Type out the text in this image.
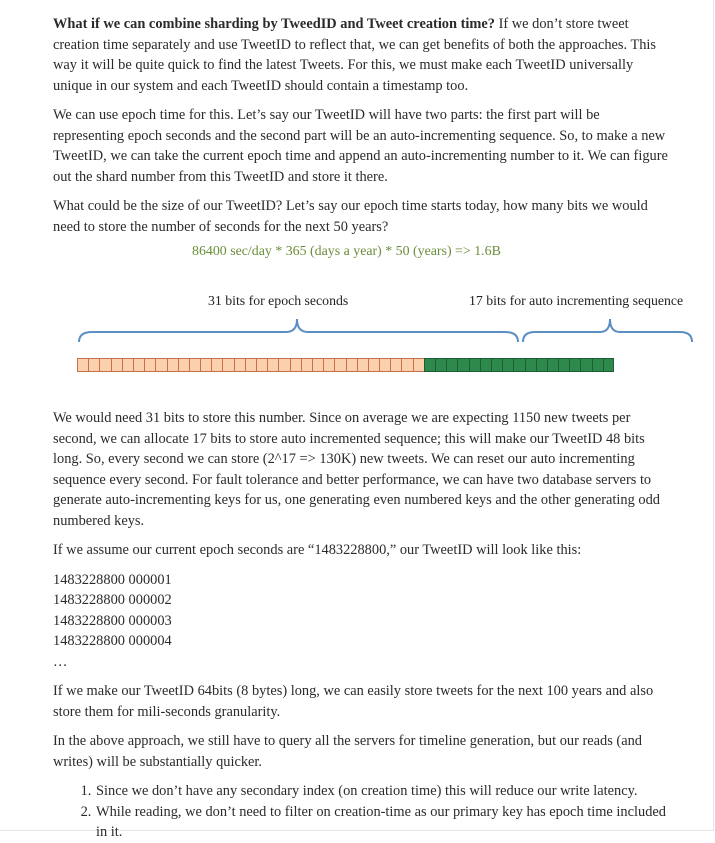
What if we can combine sharding by TweedID and Tweet creation time? If we don’t store tweet creation time separately and use TweetID to reflect that, we can get benefits of both the approaches. This way it will be quite quick to find the latest Tweets. For this, we must make each TweetID universally unique in our system and each TweetID should contain a timestamp too.

We can use epoch time for this. Let’s say our TweetID will have two parts: the first part will be representing epoch seconds and the second part will be an auto-incrementing sequence. So, to make a new TweetID, we can take the current epoch time and append an auto-incrementing number to it. We can figure out the shard number from this TweetID and store it there.

What could be the size of our TweetID? Let’s say our epoch time starts today, how many bits we would need to store the number of seconds for the next 50 years?

86400 sec/day * 365 (days a year) * 50 (years) => 1.6B
31 bits for epoch seconds	17 bits for auto incrementing sequence

We would need 31 bits to store this number. Since on average we are expecting 1150 new tweets per second, we can allocate 17 bits to store auto incremented sequence; this will make our TweetID 48 bits long. So, every second we can store (2^17 => 130K) new tweets. We can reset our auto incrementing sequence every second. For fault tolerance and better performance, we can have two database servers to generate auto-incrementing keys for us, one generating even numbered keys and the other generating odd numbered keys.

If we assume our current epoch seconds are “1483228800,” our TweetID will look like this:

1483228800 000001
1483228800 000002
1483228800 000003
1483228800 000004
…

If we make our TweetID 64bits (8 bytes) long, we can easily store tweets for the next 100 years and also store them for mili-seconds granularity.

In the above approach, we still have to query all the servers for timeline generation, but our reads (and writes) will be substantially quicker.

1. Since we don’t have any secondary index (on creation time) this will reduce our write latency.
2. While reading, we don’t need to filter on creation-time as our primary key has epoch time included in it.
